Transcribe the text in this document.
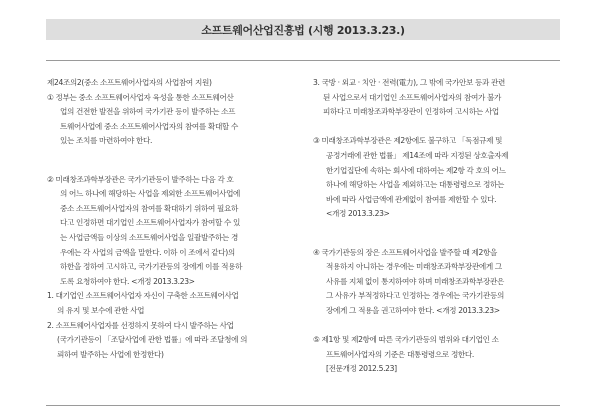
소프트웨어산업진흥법 (시행 2013.3.23.)
제24조의2(중소 소프트웨어사업자의 사업참여 지원)
① 정부는 중소 소프트웨어사업자 육성을 통한 소프트웨어산
업의 건전한 발전을 위하여 국가기관 등이 발주하는 소프
트웨어사업에 중소 소프트웨어사업자의 참여를 확대할 수
있는 조치를 마련하여야 한다.
② 미래창조과학부장관은 국가기관등이 발주하는 다음 각 호
의 어느 하나에 해당하는 사업을 제외한 소프트웨어사업에
중소 소프트웨어사업자의 참여를 확대하기 위하여 필요하
다고 인정하면 대기업인 소프트웨어사업자가 참여할 수 있
는 사업금액들 이상의 소프트웨어사업을 일괄발주하는 경
우에는 각 사업의 금액을 말한다. 이하 이 조에서 같다)의
하한을 정하여 고시하고, 국가기관등의 장에게 이를 적용하
도록 요청하여야 한다. <개정 2013.3.23>
1. 대기업인 소프트웨어사업자 자신이 구축한 소프트웨어사업
의 유지 및 보수에 관한 사업
2. 소프트웨어사업자를 선정하지 못하여 다시 발주하는 사업
(국가기관등이 「조달사업에 관한 법률」에 따라 조달청에 의
뢰하여 발주하는 사업에 한정한다)
3. 국방 · 외교 · 치안 · 전력(電力), 그 밖에 국가안보 등과 관련
된 사업으로서 대기업인 소프트웨어사업자의 참여가 불가
피하다고 미래창조과학부장관이 인정하여 고시하는 사업
③ 미래창조과학부장관은 제2항에도 불구하고 「독점규제 및
공정거래에 관한 법률」 제14조에 따라 지정된 상호출자제
한기업집단에 속하는 회사에 대하여는 제2항 각 호의 어느
하나에 해당하는 사업을 제외하고는 대통령령으로 정하는
바에 따라 사업금액에 관계없이 참여를 제한할 수 있다.
<개정 2013.3.23>
④ 국가기관등의 장은 소프트웨어사업을 발주할 때 제2항을
적용하지 아니하는 경우에는 미래창조과학부장관에게 그
사유를 지체 없이 통지하여야 하며 미래창조과학부장관은
그 사유가 부적정하다고 인정하는 경우에는 국가기관등의
장에게 그 적용을 권고하여야 한다. <개정 2013.3.23>
⑤ 제1항 및 제2항에 따른 국가기관등의 범위와 대기업인 소
프트웨어사업자의 기준은 대통령령으로 정한다.
[전문개정 2012.5.23]
